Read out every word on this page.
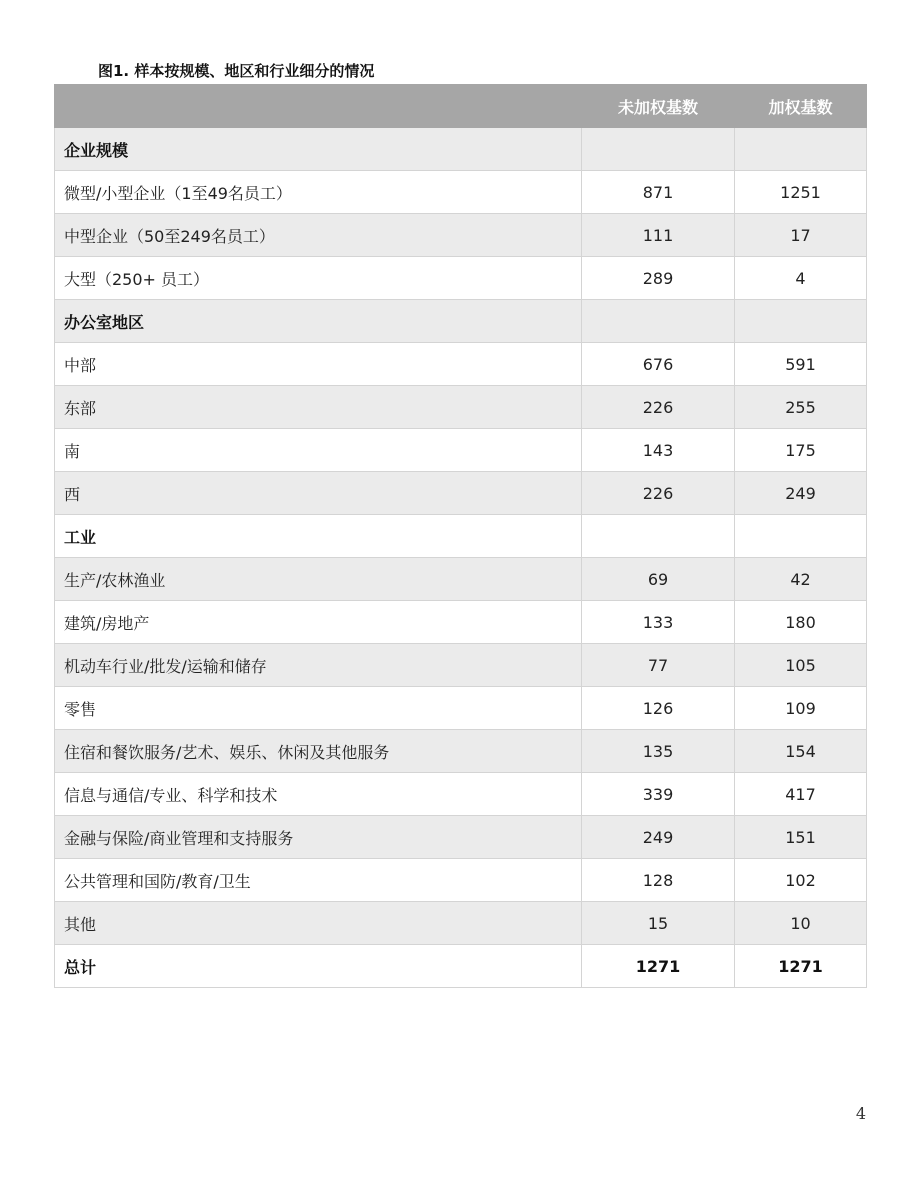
图1. 样本按规模、地区和行业细分的情况
	未加权基数	加权基数
企业规模		
微型/小型企业（1至49名员工）	871	1251
中型企业（50至249名员工）	111	17
大型（250+ 员工）	289	4
办公室地区		
中部	676	591
东部	226	255
南	143	175
西	226	249
工业		
生产/农林渔业	69	42
建筑/房地产	133	180
机动车行业/批发/运输和储存	77	105
零售	126	109
住宿和餐饮服务/艺术、娱乐、休闲及其他服务	135	154
信息与通信/专业、科学和技术	339	417
金融与保险/商业管理和支持服务	249	151
公共管理和国防/教育/卫生	128	102
其他	15	10
总计	1271	1271
4
